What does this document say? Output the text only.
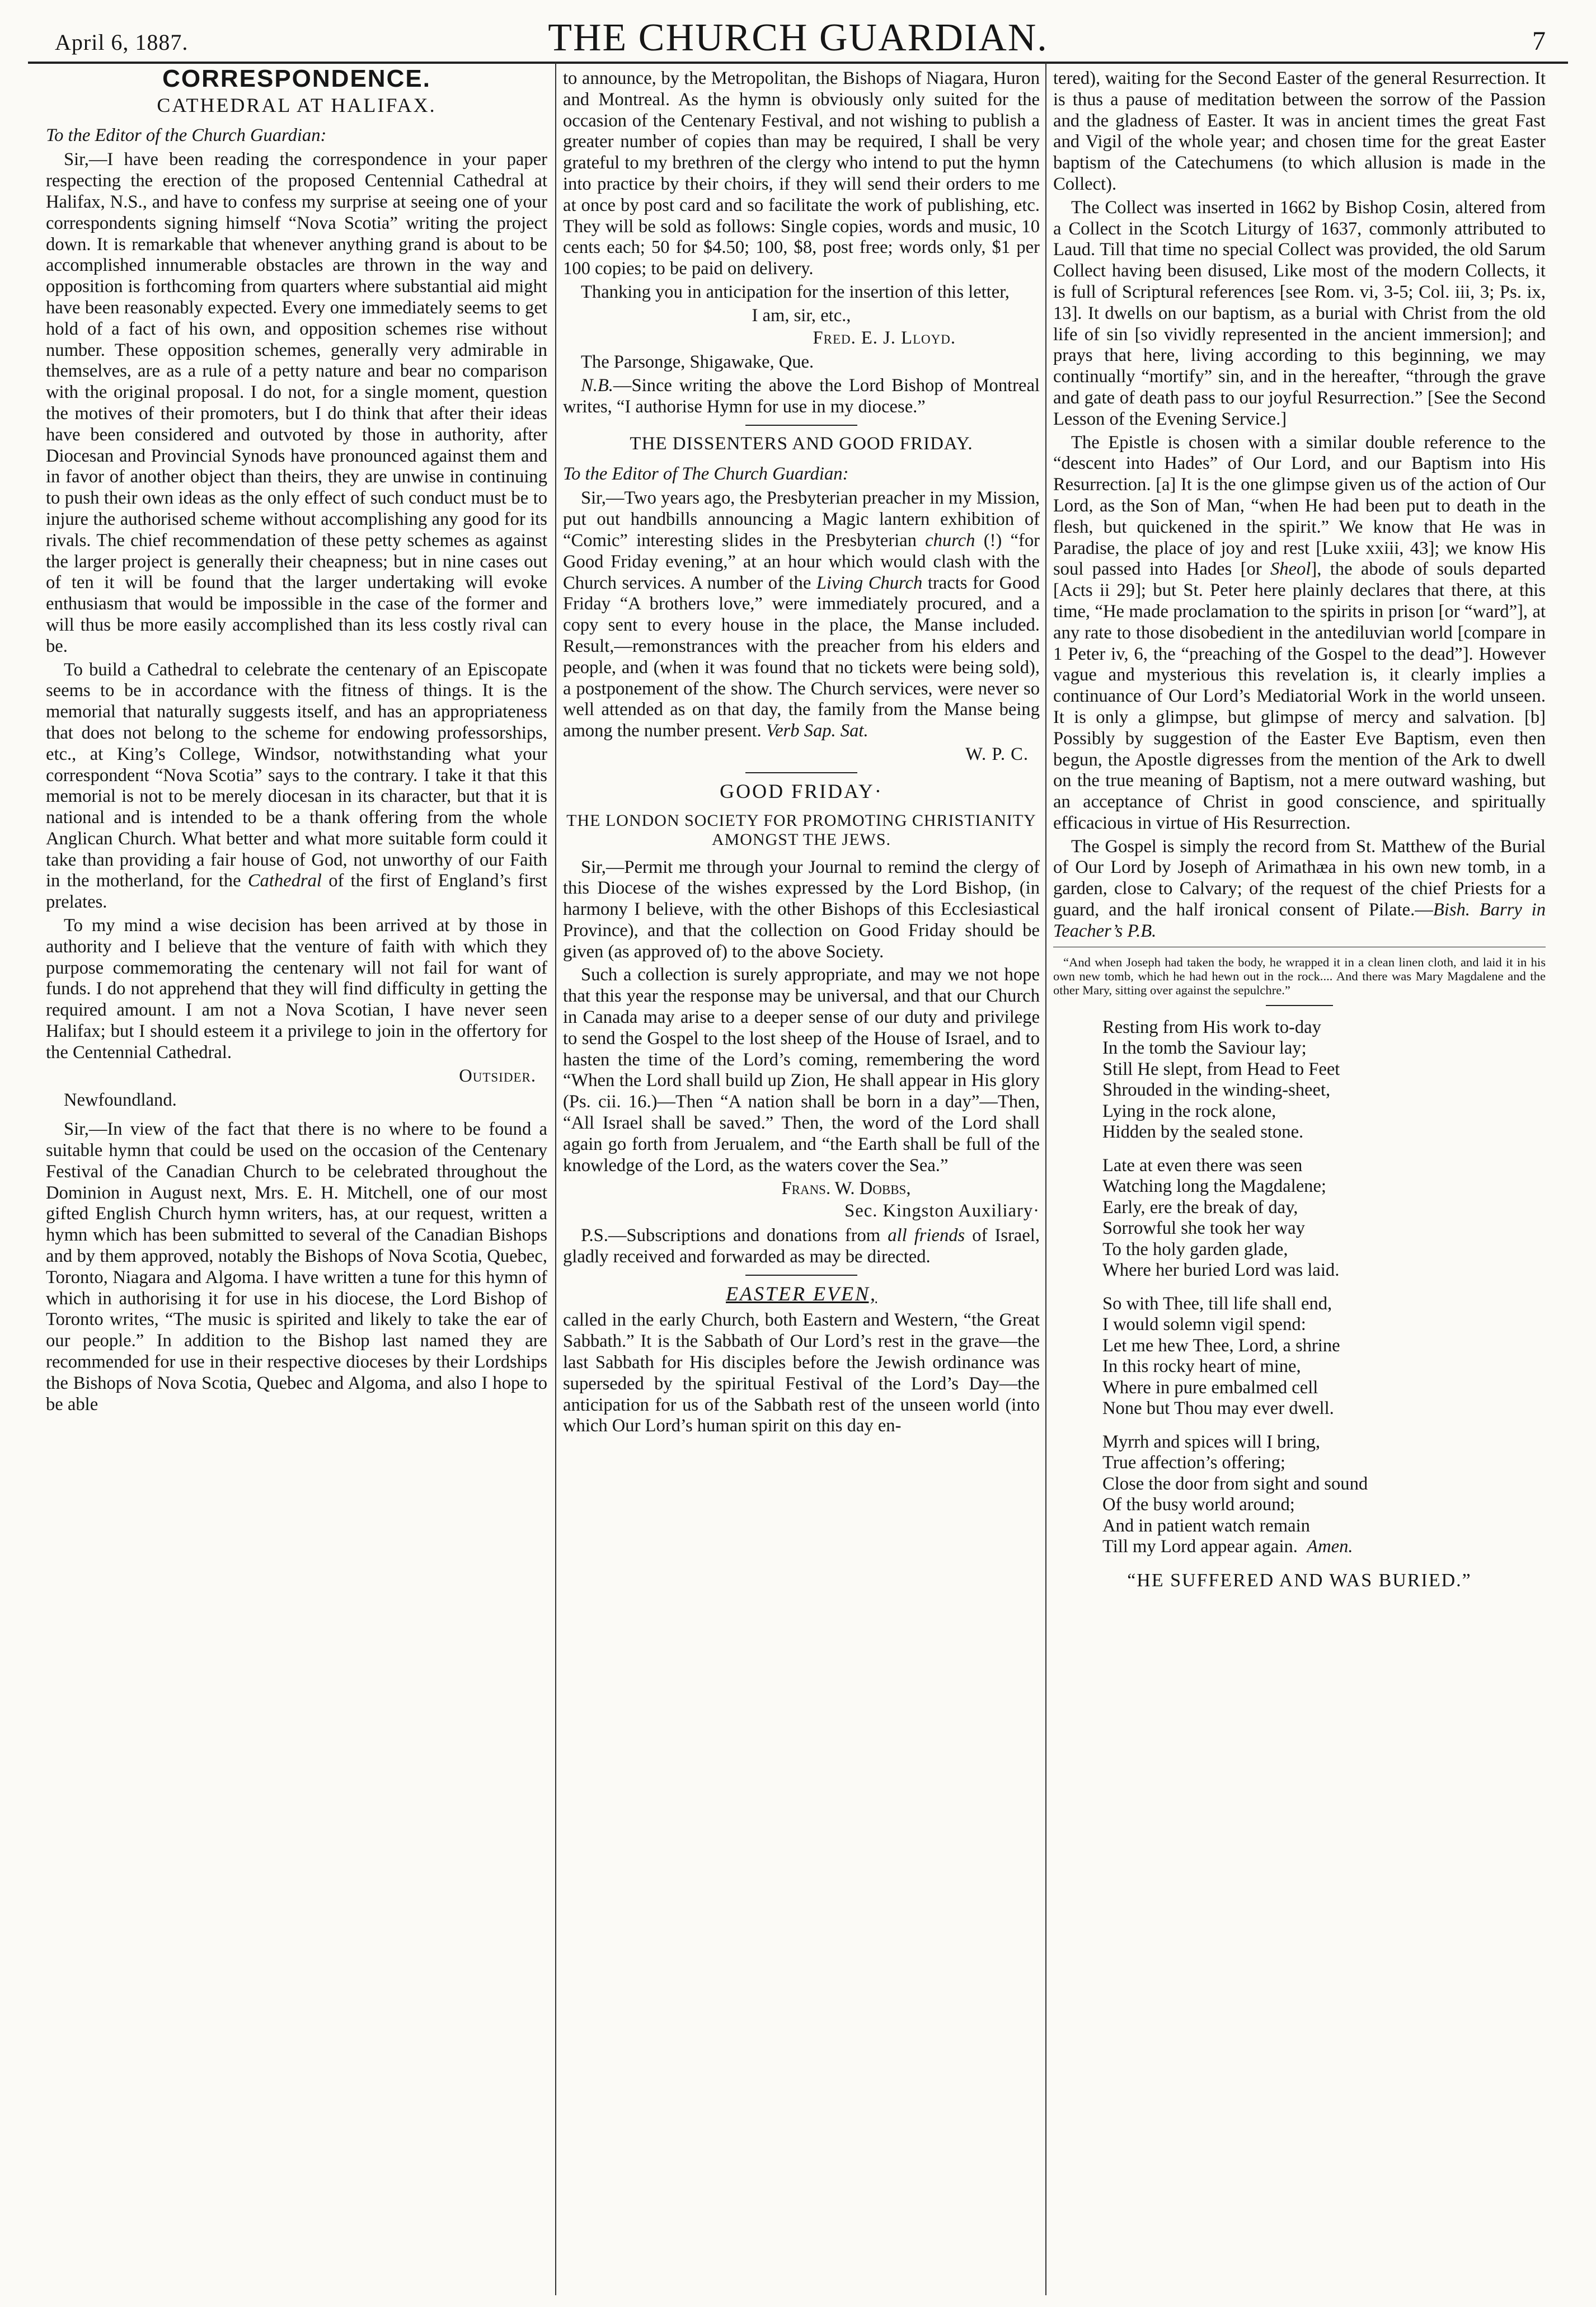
April 6, 1887.	THE CHURCH GUARDIAN.	7
CORRESPONDENCE.
CATHEDRAL AT HALIFAX.

To the Editor of the Church Guardian:

Sir,—I have been reading the correspondence in your paper respecting the erection of the proposed Centennial Cathedral at Halifax, N.S., and have to confess my surprise at seeing one of your correspondents signing himself “Nova Scotia” writing the project down. It is remarkable that whenever anything grand is about to be accomplished innumerable obstacles are thrown in the way and opposition is forthcoming from quarters where substantial aid might have been reasonably expected. Every one immediately seems to get hold of a fact of his own, and opposition schemes rise without number. These opposition schemes, generally very admirable in themselves, are as a rule of a petty nature and bear no comparison with the original proposal. I do not, for a single moment, question the motives of their promoters, but I do think that after their ideas have been considered and outvoted by those in authority, after Diocesan and Provincial Synods have pronounced against them and in favor of another object than theirs, they are unwise in continuing to push their own ideas as the only effect of such conduct must be to injure the authorised scheme without accomplishing any good for its rivals. The chief recommendation of these petty schemes as against the larger project is generally their cheapness; but in nine cases out of ten it will be found that the larger undertaking will evoke enthusiasm that would be impossible in the case of the former and will thus be more easily accomplished than its less costly rival can be.

To build a Cathedral to celebrate the centenary of an Episcopate seems to be in accordance with the fitness of things. It is the memorial that naturally suggests itself, and has an appropriateness that does not belong to the scheme for endowing professorships, etc., at King’s College, Windsor, notwithstanding what your correspondent “Nova Scotia” says to the contrary. I take it that this memorial is not to be merely diocesan in its character, but that it is national and is intended to be a thank offering from the whole Anglican Church. What better and what more suitable form could it take than providing a fair house of God, not unworthy of our Faith in the motherland, for the Cathedral of the first of England’s first prelates.

To my mind a wise decision has been arrived at by those in authority and I believe that the venture of faith with which they purpose commemorating the centenary will not fail for want of funds. I do not apprehend that they will find difficulty in getting the required amount. I am not a Nova Scotian, I have never seen Halifax; but I should esteem it a privilege to join in the offertory for the Centennial Cathedral.

Outsider.

Newfoundland.

Sir,—In view of the fact that there is no where to be found a suitable hymn that could be used on the occasion of the Centenary Festival of the Canadian Church to be celebrated throughout the Dominion in August next, Mrs. E. H. Mitchell, one of our most gifted English Church hymn writers, has, at our request, written a hymn which has been submitted to several of the Canadian Bishops and by them approved, notably the Bishops of Nova Scotia, Quebec, Toronto, Niagara and Algoma. I have written a tune for this hymn of which in authorising it for use in his diocese, the Lord Bishop of Toronto writes, “The music is spirited and likely to take the ear of our people.” In addition to the Bishop last named they are recommended for use in their respective dioceses by their Lordships the Bishops of Nova Scotia, Quebec and Algoma, and also I hope to be able

to announce, by the Metropolitan, the Bishops of Niagara, Huron and Montreal. As the hymn is obviously only suited for the occasion of the Centenary Festival, and not wishing to publish a greater number of copies than may be required, I shall be very grateful to my brethren of the clergy who intend to put the hymn into practice by their choirs, if they will send their orders to me at once by post card and so facilitate the work of publishing, etc. They will be sold as follows: Single copies, words and music, 10 cents each; 50 for $4.50; 100, $8, post free; words only, $1 per 100 copies; to be paid on delivery.

Thanking you in anticipation for the insertion of this letter,

I am, sir, etc.,

Fred. E. J. Lloyd.

The Parsonge, Shigawake, Que.

N.B.—Since writing the above the Lord Bishop of Montreal writes, “I authorise Hymn for use in my diocese.”

THE DISSENTERS AND GOOD FRIDAY.

To the Editor of The Church Guardian:

Sir,—Two years ago, the Presbyterian preacher in my Mission, put out handbills announcing a Magic lantern exhibition of “Comic” interesting slides in the Presbyterian church (!) “for Good Friday evening,” at an hour which would clash with the Church services. A number of the Living Church tracts for Good Friday “A brothers love,” were immediately procured, and a copy sent to every house in the place, the Manse included. Result,—remonstrances with the preacher from his elders and people, and (when it was found that no tickets were being sold), a postponement of the show. The Church services, were never so well attended as on that day, the family from the Manse being among the number present. Verb Sap. Sat.

W. P. C.

GOOD FRIDAY·
THE LONDON SOCIETY FOR PROMOTING CHRISTIANITY AMONGST THE JEWS.

Sir,—Permit me through your Journal to remind the clergy of this Diocese of the wishes expressed by the Lord Bishop, (in harmony I believe, with the other Bishops of this Ecclesiastical Province), and that the collection on Good Friday should be given (as approved of) to the above Society.

Such a collection is surely appropriate, and may we not hope that this year the response may be universal, and that our Church in Canada may arise to a deeper sense of our duty and privilege to send the Gospel to the lost sheep of the House of Israel, and to hasten the time of the Lord’s coming, remembering the word “When the Lord shall build up Zion, He shall appear in His glory (Ps. cii. 16.)—Then “A nation shall be born in a day”—Then, “All Israel shall be saved.” Then, the word of the Lord shall again go forth from Jerualem, and “the Earth shall be full of the knowledge of the Lord, as the waters cover the Sea.”

Frans. W. Dobbs,

Sec. Kingston Auxiliary·

P.S.—Subscriptions and donations from all friends of Israel, gladly received and forwarded as may be directed.

EASTER EVEN,

called in the early Church, both Eastern and Western, “the Great Sabbath.” It is the Sabbath of Our Lord’s rest in the grave—the last Sabbath for His disciples before the Jewish ordinance was superseded by the spiritual Festival of the Lord’s Day—the anticipation for us of the Sabbath rest of the unseen world (into which Our Lord’s human spirit on this day en-

tered), waiting for the Second Easter of the general Resurrection. It is thus a pause of meditation between the sorrow of the Passion and the gladness of Easter. It was in ancient times the great Fast and Vigil of the whole year; and chosen time for the great Easter baptism of the Catechumens (to which allusion is made in the Collect).

The Collect was inserted in 1662 by Bishop Cosin, altered from a Collect in the Scotch Liturgy of 1637, commonly attributed to Laud. Till that time no special Collect was provided, the old Sarum Collect having been disused, Like most of the modern Collects, it is full of Scriptural references [see Rom. vi, 3-5; Col. iii, 3; Ps. ix, 13]. It dwells on our baptism, as a burial with Christ from the old life of sin [so vividly represented in the ancient immersion]; and prays that here, living according to this beginning, we may continually “mortify” sin, and in the hereafter, “through the grave and gate of death pass to our joyful Resurrection.” [See the Second Lesson of the Evening Service.]

The Epistle is chosen with a similar double reference to the “descent into Hades” of Our Lord, and our Baptism into His Resurrection. [a] It is the one glimpse given us of the action of Our Lord, as the Son of Man, “when He had been put to death in the flesh, but quickened in the spirit.” We know that He was in Paradise, the place of joy and rest [Luke xxiii, 43]; we know His soul passed into Hades [or Sheol], the abode of souls departed [Acts ii 29]; but St. Peter here plainly declares that there, at this time, “He made proclamation to the spirits in prison [or “ward”], at any rate to those disobedient in the antediluvian world [compare in 1 Peter iv, 6, the “preaching of the Gospel to the dead”]. However vague and mysterious this revelation is, it clearly implies a continuance of Our Lord’s Mediatorial Work in the world unseen. It is only a glimpse, but glimpse of mercy and salvation. [b] Possibly by suggestion of the Easter Eve Baptism, even then begun, the Apostle digresses from the mention of the Ark to dwell on the true meaning of Baptism, not a mere outward washing, but an acceptance of Christ in good conscience, and spiritually efficacious in virtue of His Resurrection.

The Gospel is simply the record from St. Matthew of the Burial of Our Lord by Joseph of Arimathæa in his own new tomb, in a garden, close to Calvary; of the request of the chief Priests for a guard, and the half ironical consent of Pilate.—Bish. Barry in Teacher’s P.B.

“And when Joseph had taken the body, he wrapped it in a clean linen cloth, and laid it in his own new tomb, which he had hewn out in the rock.... And there was Mary Magdalene and the other Mary, sitting over against the sepulchre.”

Resting from His work to-day
In the tomb the Saviour lay;
Still He slept, from Head to Feet
Shrouded in the winding-sheet,
Lying in the rock alone,
Hidden by the sealed stone.
Late at even there was seen
Watching long the Magdalene;
Early, ere the break of day,
Sorrowful she took her way
To the holy garden glade,
Where her buried Lord was laid.
So with Thee, till life shall end,
I would solemn vigil spend:
Let me hew Thee, Lord, a shrine
In this rocky heart of mine,
Where in pure embalmed cell
None but Thou may ever dwell.
Myrrh and spices will I bring,
True affection’s offering;
Close the door from sight and sound
Of the busy world around;
And in patient watch remain
Till my Lord appear again. Amen.
“HE SUFFERED AND WAS BURIED.”
